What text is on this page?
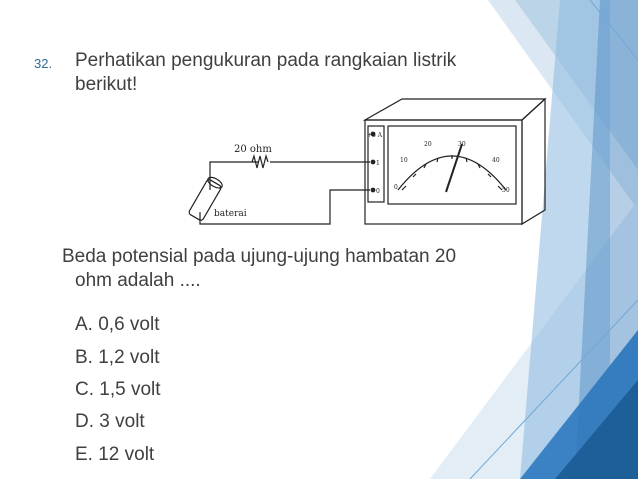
32. Perhatikan pengukuran pada rangkaian listrik
berikut!
20 ohm
baterai
+3 A
1
0
0
10
20	30
40
50
Beda potensial pada ujung-ujung hambatan 20
ohm adalah ....
A. 0,6 volt
B. 1,2 volt
C. 1,5 volt
D. 3 volt
E. 12 volt
